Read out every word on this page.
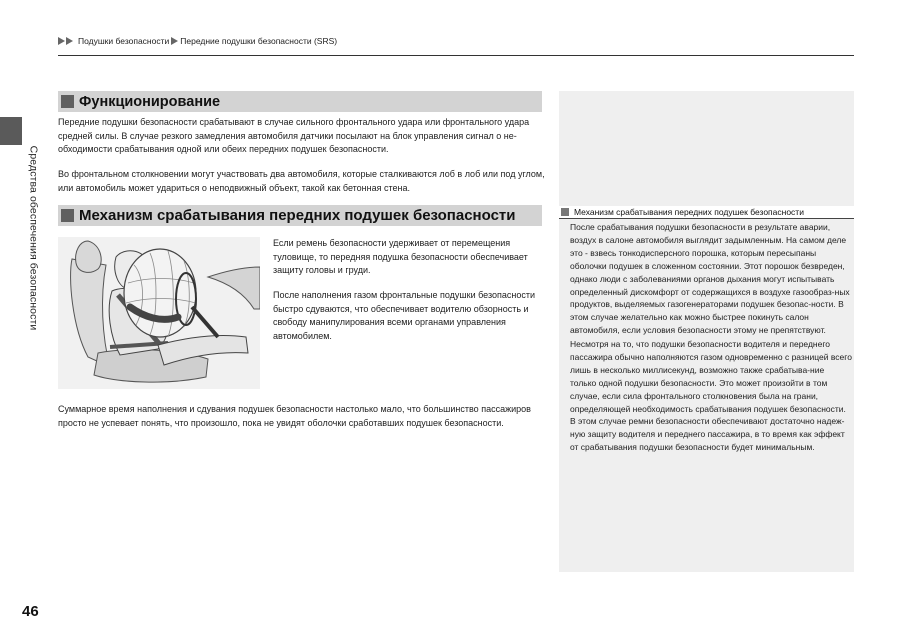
Подушки безопасности Передние подушки безопасности (SRS)
Средства обеспечения безопасности
Функционирование

Передние подушки безопасности срабатывают в случае сильного фронтального удара или фронтального удара средней силы. В случае резкого замедления автомобиля датчики посылают на блок управления сигнал о не-обходимости срабатывания одной или обеих передних подушек безопасности.

Во фронтальном столкновении могут участвовать два автомобиля, которые сталкиваются лоб в лоб или под углом, или автомобиль может удариться о неподвижный объект, такой как бетонная стена.

Механизм срабатывания передних подушек безопасности

Если ремень безопасности удерживает от перемещения туловище, то передняя подушка безопасности обеспечивает защиту головы и груди.

После наполнения газом фронтальные подушки безопасности быстро сдуваются, что обеспечивает водителю обзорность и свободу манипулирования всеми органами управления автомобилем.

Суммарное время наполнения и сдувания подушек безопасности настолько мало, что большинство пассажиров просто не успевает понять, что произошло, пока не увидят оболочки сработавших подушек безопасности.

Механизм срабатывания передних подушек безопасности

После срабатывания подушки безопасности в результате аварии, воздух в салоне автомобиля выглядит задымленным. На самом деле это - взвесь тонкодисперсного порошка, которым пересыпаны оболочки подушек в сложенном состоянии. Этот порошок безвреден, однако люди с заболеваниями органов дыхания могут испытывать определенный дискомфорт от содержащихся в воздухе газообраз-ных продуктов, выделяемых газогенераторами подушек безопас-ности. В этом случае желательно как можно быстрее покинуть салон автомобиля, если условия безопасности этому не препятствуют.

Несмотря на то, что подушки безопасности водителя и переднего пассажира обычно наполняются газом одновременно с разницей всего лишь в несколько миллисекунд, возможно также срабатыва-ние только одной подушки безопасности. Это может произойти в том случае, если сила фронтального столкновения была на грани, определяющей необходимость срабатывания подушек безопасности. В этом случае ремни безопасности обеспечивают достаточно надеж-ную защиту водителя и переднего пассажира, в то время как эффект от срабатывания подушки безопасности будет минимальным.

46
